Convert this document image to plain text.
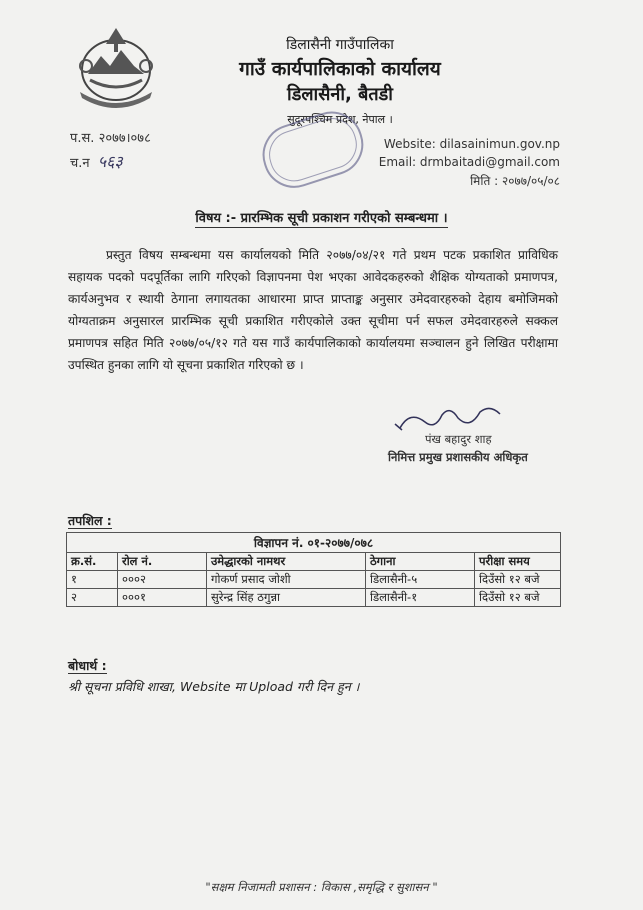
डिलासैनी गाउँपालिका
गाउँ कार्यपालिकाको कार्यालय
डिलासैनी, बैतडी
सुदूरपश्चिम प्रदेश, नेपाल ।
प.स. २०७७।०७८
च.न ५६३
Website: dilasainimun.gov.np
Email: drmbaitadi@gmail.com
मिति : २०७७/०५/०८
विषय :- प्रारम्भिक सूची प्रकाशन गरीएको सम्बन्धमा ।
प्रस्तुत विषय सम्बन्धमा यस कार्यालयको मिति २०७७/०४/२१ गते प्रथम पटक प्रकाशित प्राविधिक सहायक पदको पदपूर्तिका लागि गरिएको विज्ञापनमा पेश भएका आवेदकहरुको शैक्षिक योग्यताको प्रमाणपत्र, कार्यअनुभव र स्थायी ठेगाना लगायतका आधारमा प्राप्त प्राप्ताङ्क अनुसार उमेदवारहरुको देहाय बमोजिमको योग्यताक्रम अनुसारल प्रारम्भिक सूची प्रकाशित गरीएकोले उक्त सूचीमा पर्न सफल उमेदवारहरुले सक्कल प्रमाणपत्र सहित मिति २०७७/०५/१२ गते यस गाउँ कार्यपालिकाको कार्यालयमा सञ्चालन हुने लिखित परीक्षामा उपस्थित हुनका लागि यो सूचना प्रकाशित गरिएको छ ।
पंख बहादुर शाह
निमित्त प्रमुख प्रशासकीय अधिकृत
तपशिल :
विज्ञापन नं. ०१-२०७७/०७८				
क्र.सं.	रोल नं.	उमेद्धारको नामथर	ठेगाना	परीक्षा समय
१	०००२	गोकर्ण प्रसाद जोशी	डिलासैनी-५	दिउँसो १२ बजे
२	०००१	सुरेन्द्र सिंह ठगुन्ना	डिलासैनी-१	दिउँसो १२ बजे
बोधार्थ :
श्री सूचना प्रविधि शाखा, Website मा Upload गरी दिन हुन ।
"सक्षम निजामती प्रशासन : विकास ,समृद्धि र सुशासन "
